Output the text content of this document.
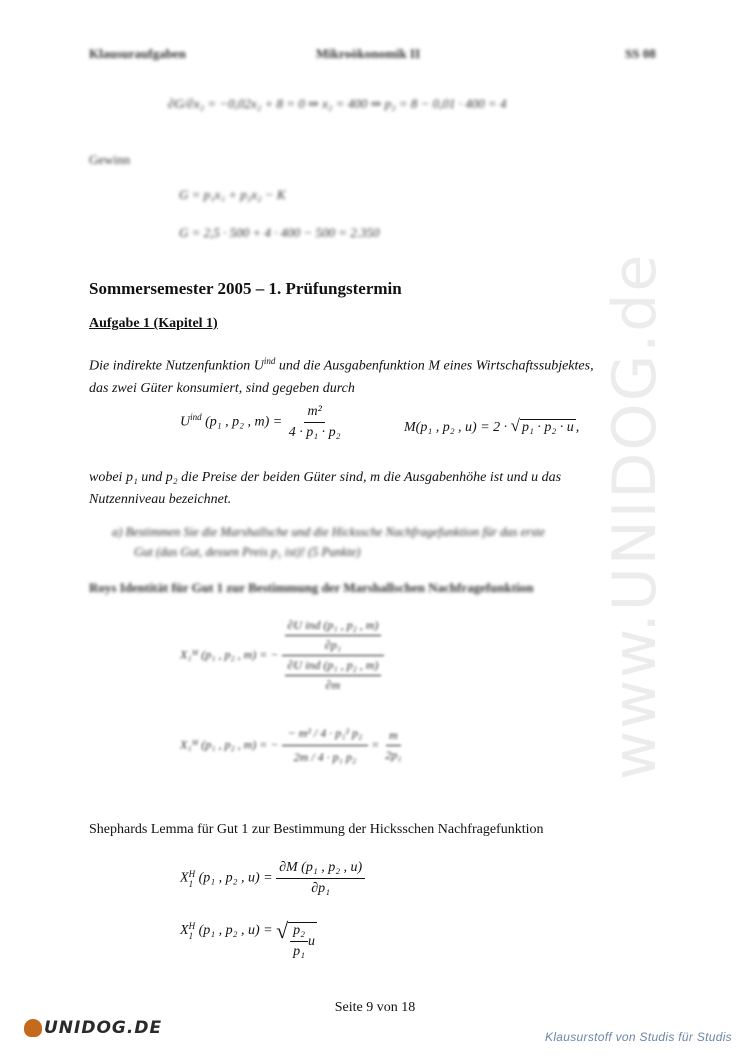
www.UNIDOG.de
Klausuraufgaben	Mikroökonomik II	SS 08
∂G/∂x₂ = −0,02x₂ + 8 = 0 ⇒ x₂ = 400 ⇒ p₂ = 8 − 0,01 · 400 = 4
Gewinn
G = p₁x₁ + p₂x₂ − K
G = 2,5 · 500 + 4 · 400 − 500 = 2.350
Sommersemester 2005 – 1. Prüfungstermin
Aufgabe 1 (Kapitel 1)
Die indirekte Nutzenfunktion $U^{ind}$ und die Ausgabenfunktion M eines Wirtschaftssubjektes,
das zwei Güter konsumiert, sind gegeben durch
$U^{ind}$ (p₁ , p₂ , $m) = \frac{\text{m²}}{\text{4 · p₁ · p₂}}$	M(p₁ , p₂ , u) = 2 · √ p₁ · p₂ · u ,
wobei p₁ und p₂ die Preise der beiden Güter sind, m die Ausgabenhöhe ist und u das
Nutzenniveau bezeichnet.
a) Bestimmen Sie die Marshallsche und die Hickssche Nachfragefunktion für das erste
Gut (das Gut, dessen Preis p₁ ist)! (5 Punkte)
Roys Identität für Gut 1 zur Bestimmung der Marshallschen Nachfragefunktion
X₁ᴹ (p₁ , p₂ , m) = − $\frac{\frac{\text{∂U ind (p₁ , p₂ , m)}}{\text{∂p₁}}}{\frac{\text{∂U ind (p₁ , p₂ , m)}}{\partial m}}$
X₁ᴹ (p₁ , p₂ , m) = − $\frac{\text{− m² / 4 · p₁² p₂}}{\text{2m / 4 · p₁ p₂}} = \frac{m}{\text{2p₁}}$
Shephards Lemma für Gut 1 zur Bestimmung der Hicksschen Nachfragefunktion
X H
1 (p₁ , p₂ , $u) = \frac{\text{∂M (p₁ , p₂ , u)}}{\text{∂p₁}}$
X H
1 (p₁ , p₂ , u) = √ $\frac{\text{p₂}}{\text{p₁}}$ u
Seite 9 von 18
UNIDOG.DE	Klausurstoff von Studis für Studis
